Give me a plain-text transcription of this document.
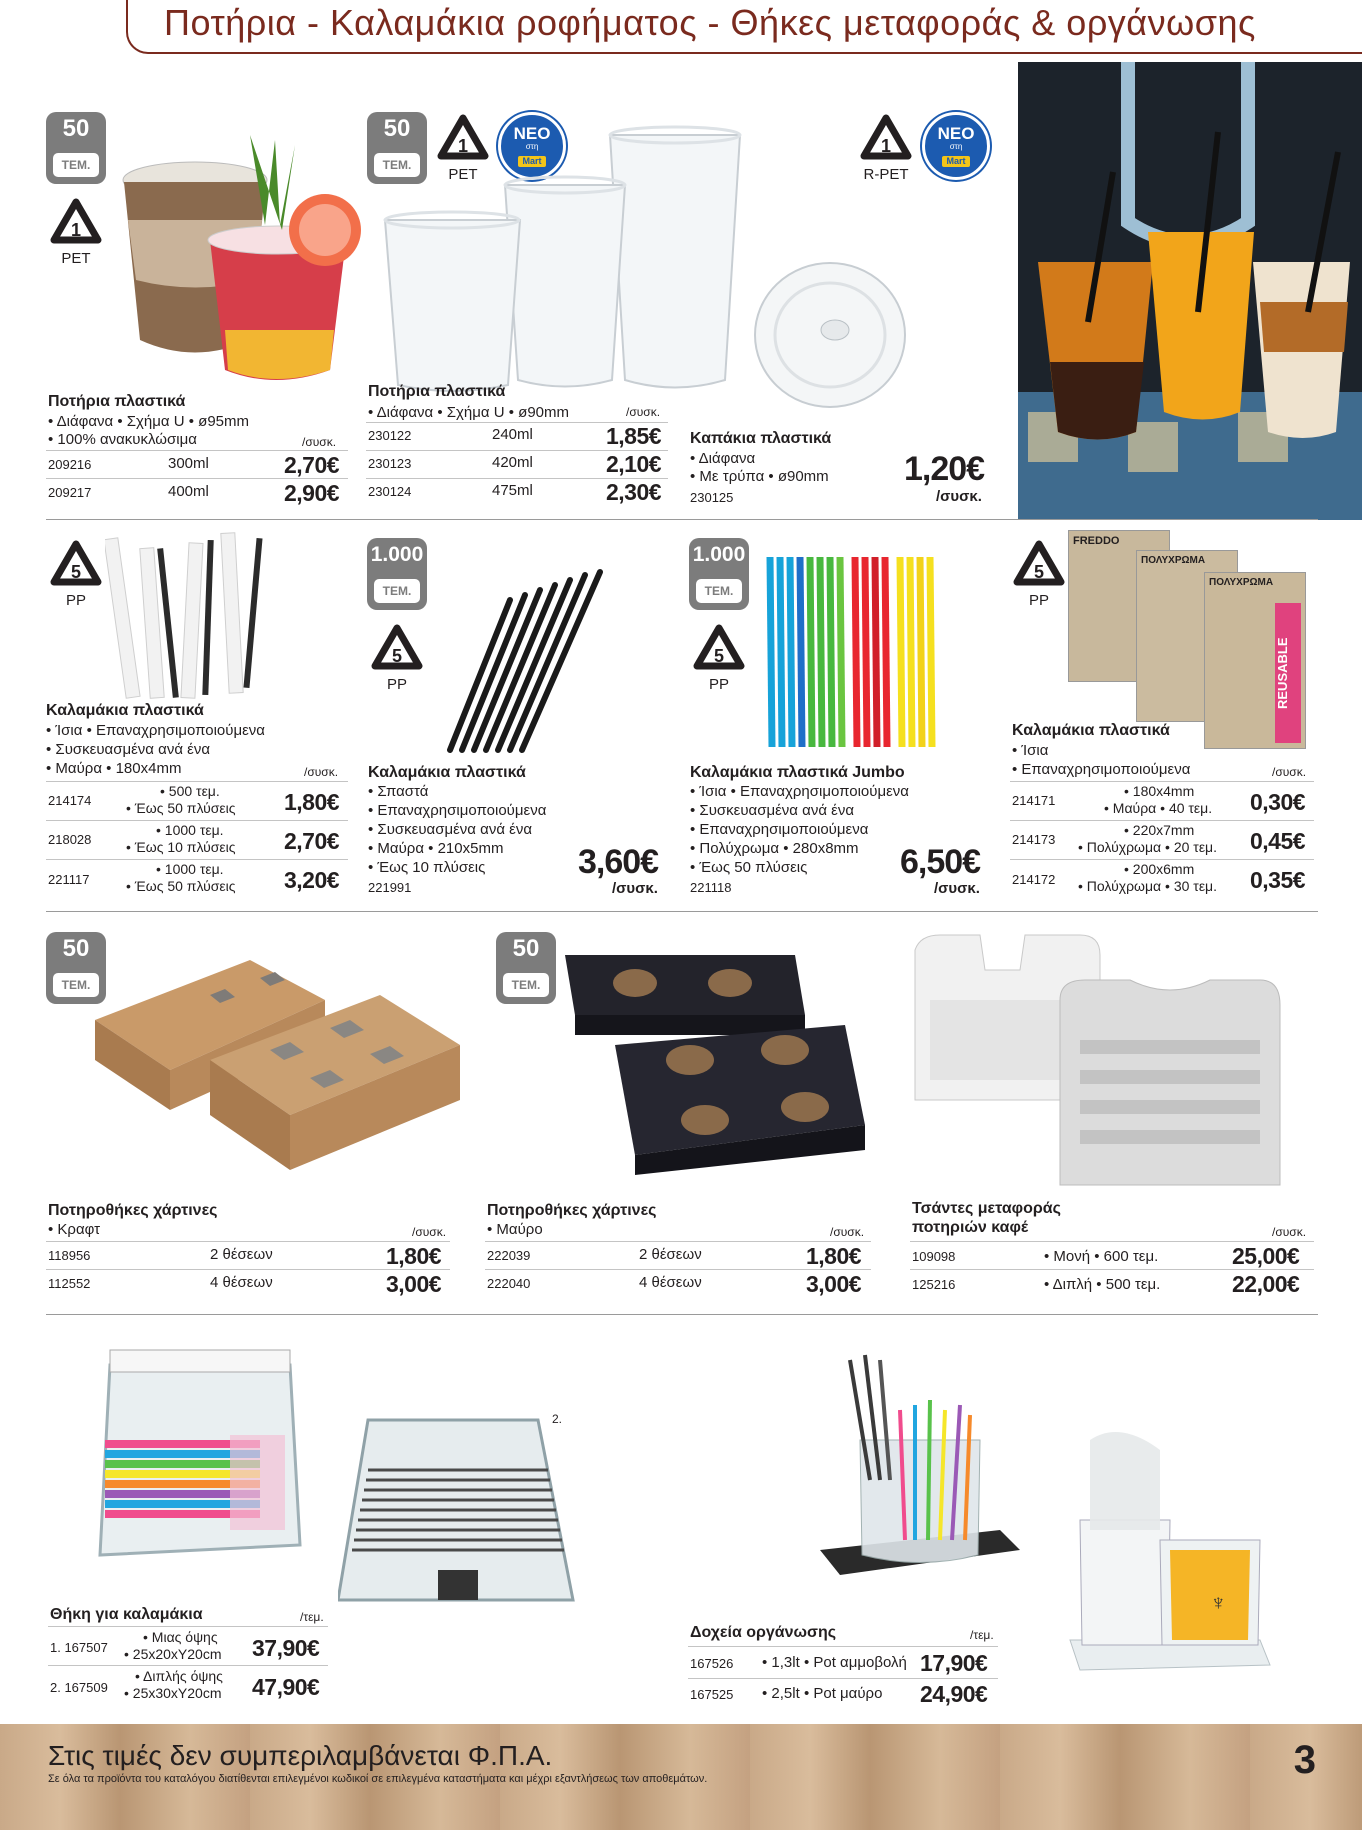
Ποτήρια - Καλαμάκια ροφήματος - Θήκες μεταφοράς & οργάνωσης
50
ΤΕΜ.
1
PET
Ποτήρια πλαστικά
• Διάφανα • Σχήμα U • ø95mm
• 100% ανακυκλώσιμα	/συσκ.
209216	300ml	2,70€
209217	400ml	2,90€
50
ΤΕΜ.
1
PET
ΝΕΟ
στη
Mart
Ποτήρια πλαστικά
• Διάφανα • Σχήμα U • ø90mm	/συσκ.
230122	240ml	1,85€
230123	420ml	2,10€
230124	475ml	2,30€
1
R-PET
ΝΕΟ
στη
Mart
Καπάκια πλαστικά
• Διάφανα
• Με τρύπα • ø90mm
230125
1,20€
/συσκ.
5
PP
Καλαμάκια πλαστικά
• Ίσια • Επαναχρησιμοποιούμενα
• Συσκευασμένα ανά ένα
• Μαύρα • 180x4mm	/συσκ.
214174
• 500 τεμ.
• Έως 50 πλύσεις 1,80€
218028
• 1000 τεμ.
• Έως 10 πλύσεις 2,70€
221117
• 1000 τεμ.
• Έως 50 πλύσεις 3,20€
1.000
ΤΕΜ.
5
PP
Καλαμάκια πλαστικά
• Σπαστά
• Επαναχρησιμοποιούμενα
• Συσκευασμένα ανά ένα
• Μαύρα • 210x5mm
• Έως 10 πλύσεις
221991
3,60€
/συσκ.
1.000
ΤΕΜ.
5
PP
Καλαμάκια πλαστικά Jumbo
• Ίσια • Επαναχρησιμοποιούμενα
• Συσκευασμένα ανά ένα
• Επαναχρησιμοποιούμενα
• Πολύχρωμα • 280x8mm
• Έως 50 πλύσεις
221118
6,50€
/συσκ.
5
PP
FREDDO
ΠΟΛΥΧΡΩΜΑ
ΠΟΛΥΧΡΩΜΑ
REUSABLE
Καλαμάκια πλαστικά
• Ίσια
• Επαναχρησιμοποιούμενα	/συσκ.
214171
• 180x4mm
• Μαύρα • 40 τεμ. 0,30€
214173
• 220x7mm
• Πολύχρωμα • 20 τεμ. 0,45€
214172
• 200x6mm
• Πολύχρωμα • 30 τεμ. 0,35€
50
ΤΕΜ.
Ποτηροθήκες χάρτινες
• Κραφτ	/συσκ.
118956	2 θέσεων	1,80€
112552	4 θέσεων	3,00€
50
ΤΕΜ.
Ποτηροθήκες χάρτινες
• Μαύρο	/συσκ.
222039	2 θέσεων	1,80€
222040	4 θέσεων	3,00€
Τσάντες μεταφοράς
ποτηριών καφέ	/συσκ.
109098	• Μονή • 600 τεμ.	25,00€
125216	• Διπλή • 500 τεμ.	22,00€
2.
Θήκη για καλαμάκια	/τεμ.
1. 167507
• Μιας όψης
• 25x20xΥ20cm 37,90€
2. 167509
• Διπλής όψης
• 25x30xΥ20cm 47,90€
♆
Δοχεία οργάνωσης	/τεμ.
167526 • 1,3lt • Pot αμμοβολή 17,90€
167525 • 2,5lt • Pot μαύρο 24,90€
Στις τιμές δεν συμπεριλαμβάνεται Φ.Π.Α.
Σε όλα τα προϊόντα του καταλόγου διατίθενται επιλεγμένοι κωδικοί σε επιλεγμένα καταστήματα και μέχρι εξαντλήσεως των αποθεμάτων.	3
